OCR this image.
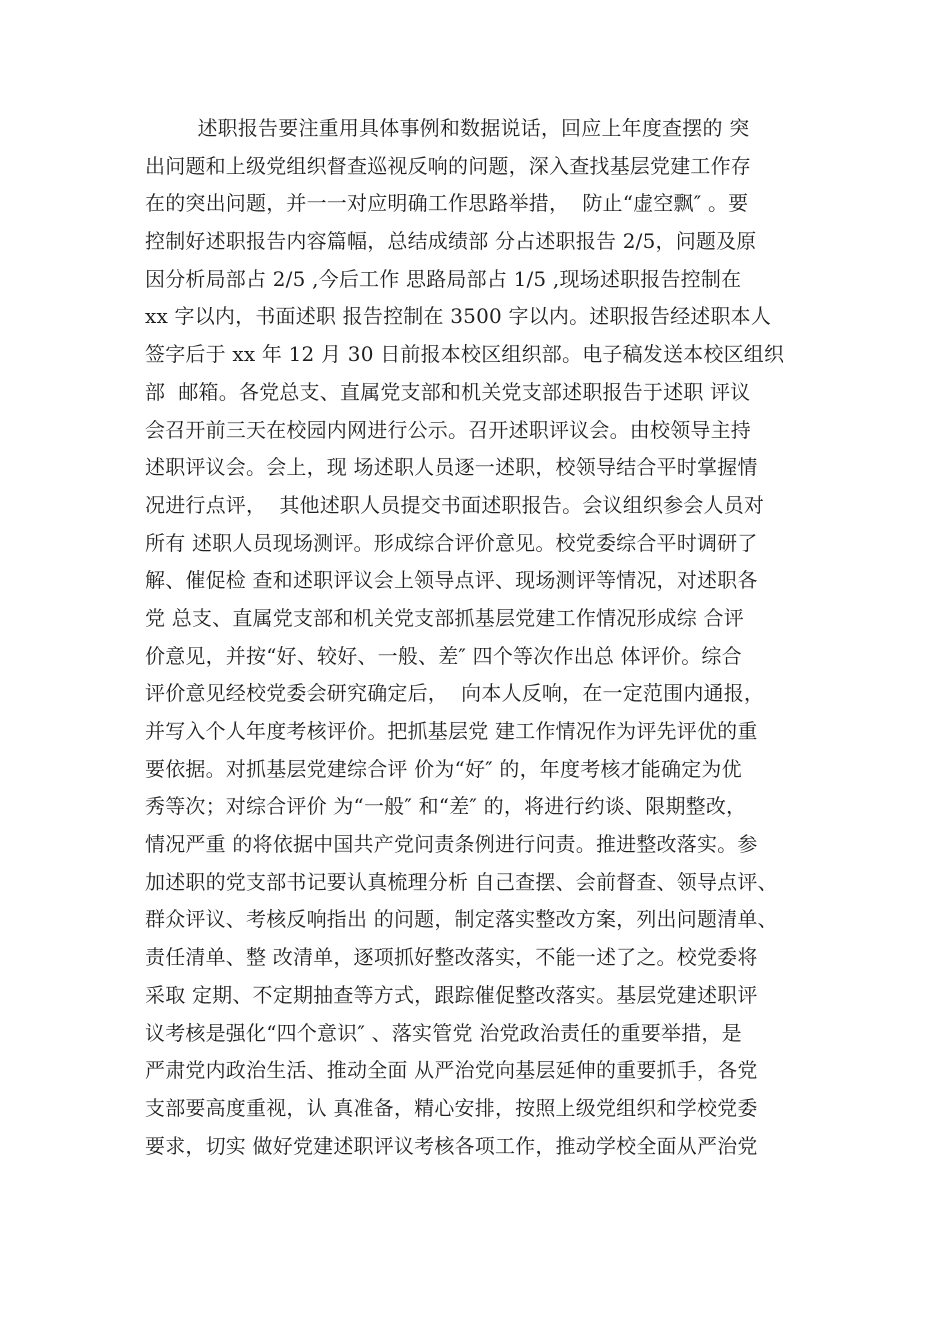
述职报告要注重用具体事例和数据说话，回应上年度查摆的 突
出问题和上级党组织督查巡视反响的问题，深入查找基层党建工作存
在的突出问题，并一一对应明确工作思路举措，  防止“虚空飘″ 。要
控制好述职报告内容篇幅，总结成绩部 分占述职报告 2/5，问题及原
因分析局部占 2/5 ,今后工作 思路局部占 1/5 ,现场述职报告控制在
xx 字以内，书面述职 报告控制在 3500 字以内。述职报告经述职本人
签字后于 xx 年 12 月 30 日前报本校区组织部。电子稿发送本校区组织
部  邮箱。各党总支、直属党支部和机关党支部述职报告于述职 评议
会召开前三天在校园内网进行公示。召开述职评议会。由校领导主持
述职评议会。会上，现 场述职人员逐一述职，校领导结合平时掌握情
况进行点评，  其他述职人员提交书面述职报告。会议组织参会人员对
所有 述职人员现场测评。形成综合评价意见。校党委综合平时调研了
解、催促检 查和述职评议会上领导点评、现场测评等情况，对述职各
党 总支、直属党支部和机关党支部抓基层党建工作情况形成综 合评
价意见，并按“好、较好、一般、差″ 四个等次作出总 体评价。综合
评价意见经校党委会研究确定后，  向本人反响，在一定范围内通报，
并写入个人年度考核评价。把抓基层党 建工作情况作为评先评优的重
要依据。对抓基层党建综合评 价为“好″ 的，年度考核才能确定为优
秀等次；对综合评价 为“一般″ 和“差″ 的，将进行约谈、限期整改，
情况严重 的将依据中国共产党问责条例进行问责。推进整改落实。参
加述职的党支部书记要认真梳理分析 自己查摆、会前督查、领导点评、
群众评议、考核反响指出 的问题，制定落实整改方案，列出问题清单、
责任清单、整 改清单，逐项抓好整改落实，不能一述了之。校党委将
采取 定期、不定期抽查等方式，跟踪催促整改落实。基层党建述职评
议考核是强化“四个意识″ 、落实管党 治党政治责任的重要举措，是
严肃党内政治生活、推动全面 从严治党向基层延伸的重要抓手，各党
支部要高度重视，认 真准备，精心安排，按照上级党组织和学校党委
要求，切实 做好党建述职评议考核各项工作，推动学校全面从严治党
